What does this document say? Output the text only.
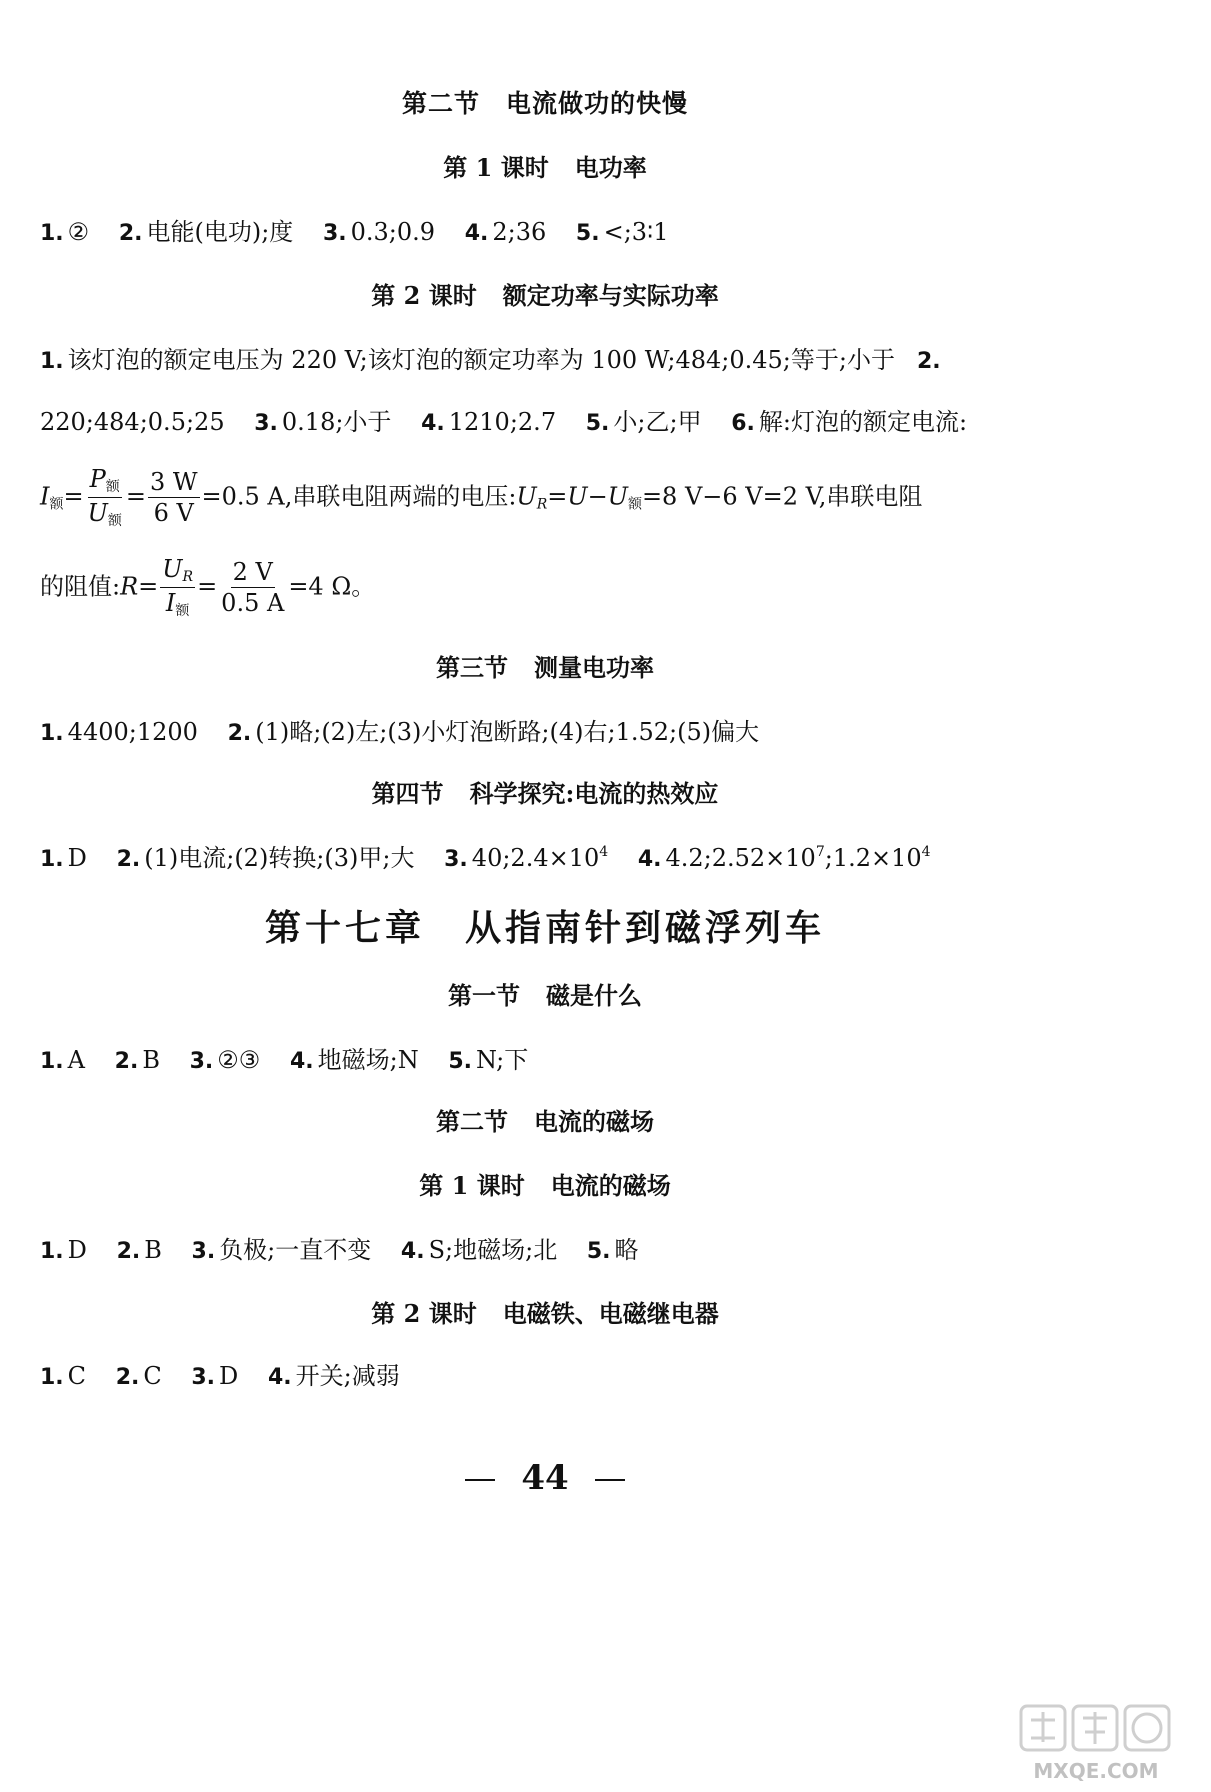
第二节 电流做功的快慢
第 1 课时 电功率
1. ② 2. 电能(电功);度 3. 0.3;0.9 4. 2;36 5. <;3∶1
第 2 课时 额定功率与实际功率
1. 该灯泡的额定电压为 220 V;该灯泡的额定功率为 100 W;484;0.45;等于;小于 2.
220;484;0.5;25 3. 0.18;小于 4. 1210;2.7 5. 小;乙;甲 6. 解:灯泡的额定电流:
$I_额= \frac{P_额}{U_额} = \frac{3 W}{6 V} =0.5$ A,串联电阻两端的电压$:U_R=U-U_额=8$ V−6 V=2 V,串联电阻
的阻值:R= $\frac{U_R}{I_额} = \frac{2 V}{0.5 A} =4$ Ω。
第三节 测量电功率
1. 4400;1200 2. (1)略;(2)左;(3)小灯泡断路;(4)右;1.52;(5)偏大
第四节 科学探究:电流的热效应
1. D 2. (1)电流;(2)转换;(3)甲;大 3. $40;2.4\times 10^4$ 4. $4.2;2.52\times 10^7;1.2\times 10^4$
第十七章 从指南针到磁浮列车
第一节 磁是什么
1. A 2. B 3. ②③ 4. 地磁场;N 5. N;下
第二节 电流的磁场
第 1 课时 电流的磁场
1. D 2. B 3. 负极;一直不变 4. S;地磁场;北 5. 略
第 2 课时 电磁铁、电磁继电器
1. C 2. C 3. D 4. 开关;减弱
44
MXQE.COM
